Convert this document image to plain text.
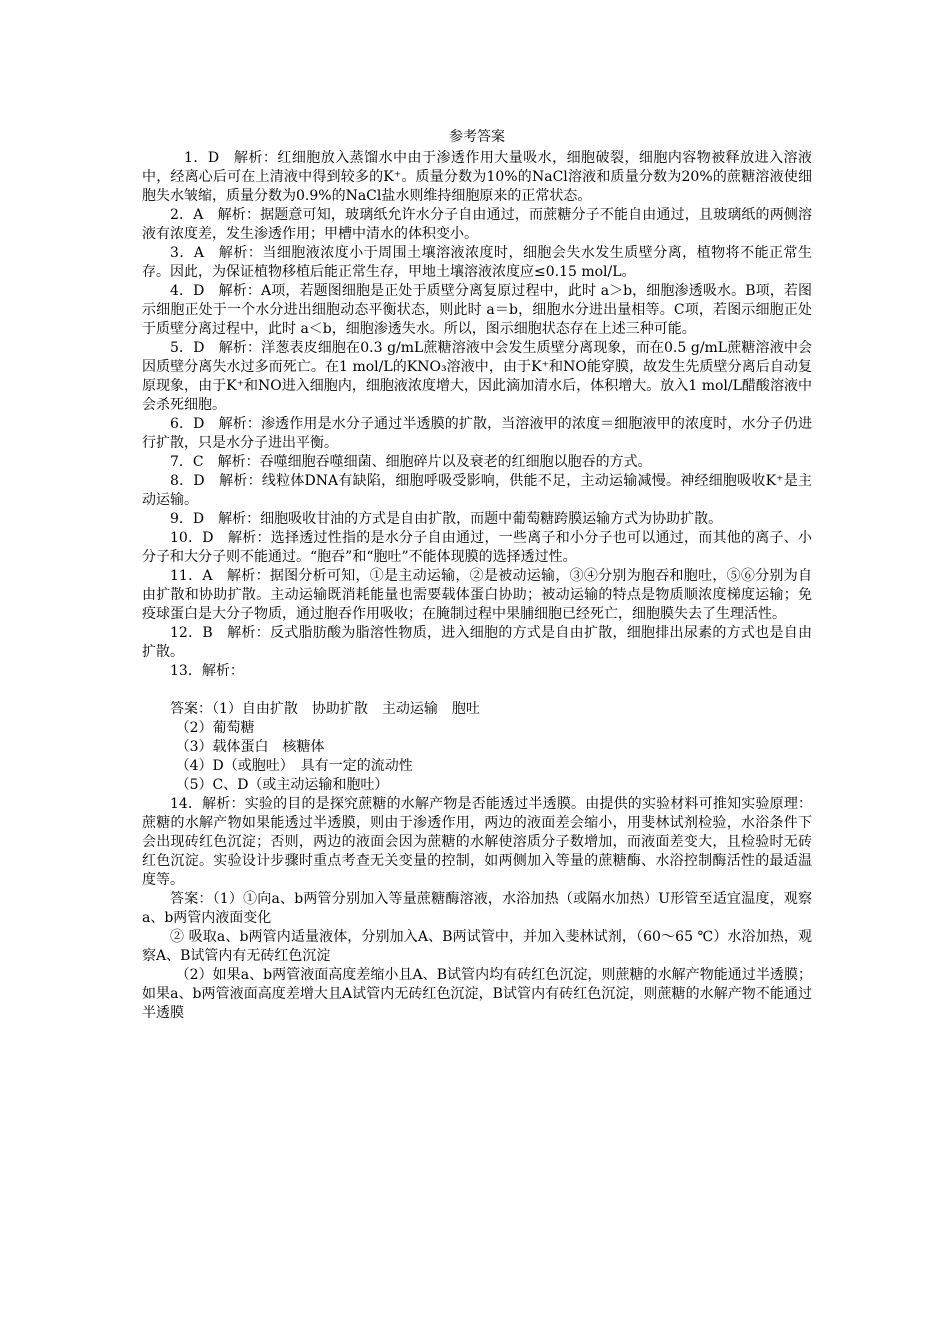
参考答案

1．D　解析：红细胞放入蒸馏水中由于渗透作用大量吸水，细胞破裂，细胞内容物被释放进入溶液中，经离心后可在上清液中得到较多的K⁺。质量分数为10%的NaCl溶液和质量分数为20%的蔗糖溶液使细胞失水皱缩，质量分数为0.9%的NaCl盐水则维持细胞原来的正常状态。

2．A　解析：据题意可知，玻璃纸允许水分子自由通过，而蔗糖分子不能自由通过，且玻璃纸的两侧溶液有浓度差，发生渗透作用；甲槽中清水的体积变小。

3．A　解析：当细胞液浓度小于周围土壤溶液浓度时，细胞会失水发生质壁分离，植物将不能正常生存。因此，为保证植物移植后能正常生存，甲地土壤溶液浓度应≤0.15 mol/L。

4．D　解析：A项，若题图细胞是正处于质壁分离复原过程中，此时 a＞b，细胞渗透吸水。B项，若图示细胞正处于一个水分进出细胞动态平衡状态，则此时 a＝b，细胞水分进出量相等。C项，若图示细胞正处于质壁分离过程中，此时 a＜b，细胞渗透失水。所以，图示细胞状态存在上述三种可能。

5．D　解析：洋葱表皮细胞在0.3 g/mL蔗糖溶液中会发生质壁分离现象，而在0.5 g/mL蔗糖溶液中会因质壁分离失水过多而死亡。在1 mol/L的KNO₃溶液中，由于K⁺和NO能穿膜，故发生先质壁分离后自动复原现象，由于K⁺和NO进入细胞内，细胞液浓度增大，因此滴加清水后，体积增大。放入1 mol/L醋酸溶液中会杀死细胞。

6．D　解析：渗透作用是水分子通过半透膜的扩散，当溶液甲的浓度＝细胞液甲的浓度时，水分子仍进行扩散，只是水分子进出平衡。

7．C　解析：吞噬细胞吞噬细菌、细胞碎片以及衰老的红细胞以胞吞的方式。

8．D　解析：线粒体DNA有缺陷，细胞呼吸受影响，供能不足，主动运输减慢。神经细胞吸收K⁺是主动运输。

9．D　解析：细胞吸收甘油的方式是自由扩散，而题中葡萄糖跨膜运输方式为协助扩散。

10．D　解析：选择透过性指的是水分子自由通过，一些离子和小分子也可以通过，而其他的离子、小分子和大分子则不能通过。“胞吞”和“胞吐”不能体现膜的选择透过性。

11．A　解析：据图分析可知，①是主动运输，②是被动运输，③④分别为胞吞和胞吐，⑤⑥分别为自由扩散和协助扩散。主动运输既消耗能量也需要载体蛋白协助；被动运输的特点是物质顺浓度梯度运输；免疫球蛋白是大分子物质，通过胞吞作用吸收；在腌制过程中果脯细胞已经死亡，细胞膜失去了生理活性。

12．B　解析：反式脂肪酸为脂溶性物质，进入细胞的方式是自由扩散，细胞排出尿素的方式也是自由扩散。

13．解析：

答案：（1）自由扩散　协助扩散　主动运输　胞吐

（2）葡萄糖

（3）载体蛋白　核糖体

（4）D（或胞吐）　具有一定的流动性

（5）C、D（或主动运输和胞吐）

14．解析：实验的目的是探究蔗糖的水解产物是否能透过半透膜。由提供的实验材料可推知实验原理：蔗糖的水解产物如果能透过半透膜，则由于渗透作用，两边的液面差会缩小，用斐林试剂检验，水浴条件下会出现砖红色沉淀；否则，两边的液面会因为蔗糖的水解使溶质分子数增加，而液面差变大，且检验时无砖红色沉淀。实验设计步骤时重点考查无关变量的控制，如两侧加入等量的蔗糖酶、水浴控制酶活性的最适温度等。

答案：（1）①向a、b两管分别加入等量蔗糖酶溶液，水浴加热（或隔水加热）U形管至适宜温度，观察a、b两管内液面变化

② 吸取a、b两管内适量液体，分别加入A、B两试管中，并加入斐林试剂，（60～65 ℃）水浴加热，观察A、B试管内有无砖红色沉淀

（2）如果a、b两管液面高度差缩小且A、B试管内均有砖红色沉淀，则蔗糖的水解产物能通过半透膜；如果a、b两管液面高度差增大且A试管内无砖红色沉淀，B试管内有砖红色沉淀，则蔗糖的水解产物不能通过半透膜
